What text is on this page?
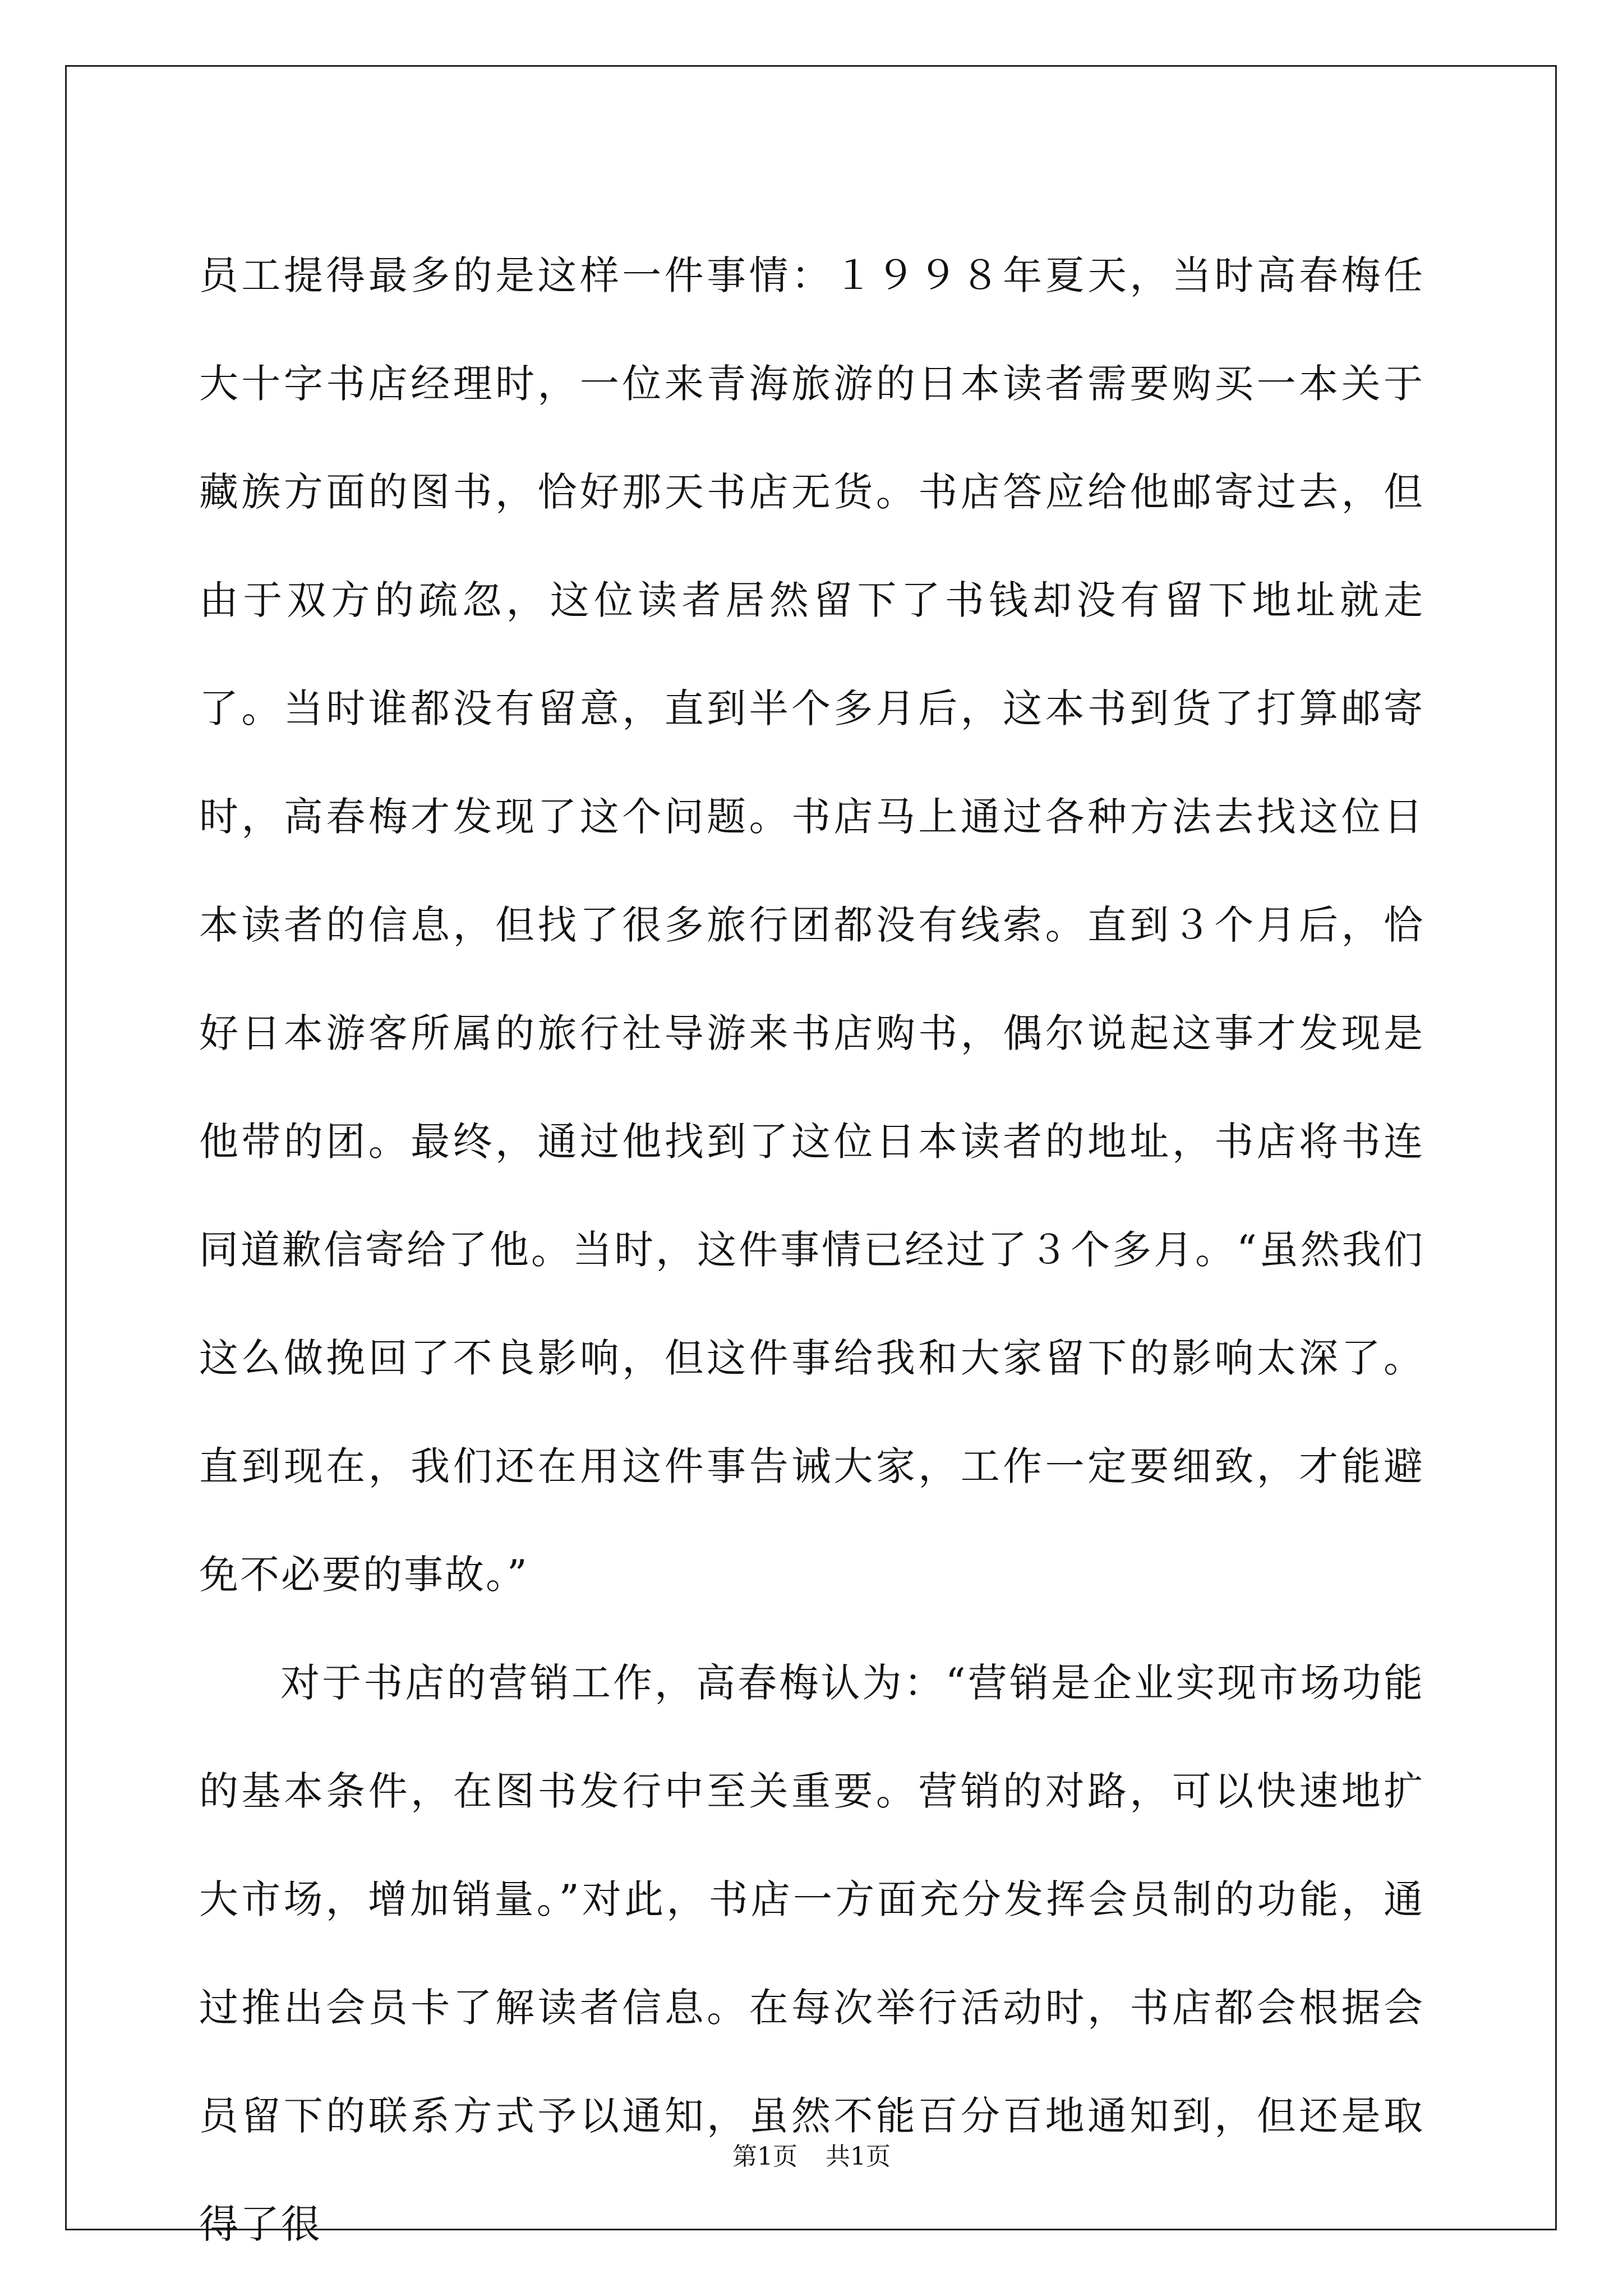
员工提得最多的是这样一件事情：１９９８年夏天，当时高春梅任大十字书店经理时，一位来青海旅游的日本读者需要购买一本关于藏族方面的图书，恰好那天书店无货。书店答应给他邮寄过去，但由于双方的疏忽，这位读者居然留下了书钱却没有留下地址就走了。当时谁都没有留意，直到半个多月后，这本书到货了打算邮寄时，高春梅才发现了这个问题。书店马上通过各种方法去找这位日本读者的信息，但找了很多旅行团都没有线索。直到３个月后，恰好日本游客所属的旅行社导游来书店购书，偶尔说起这事才发现是他带的团。最终，通过他找到了这位日本读者的地址，书店将书连同道歉信寄给了他。当时，这件事情已经过了３个多月。“虽然我们这么做挽回了不良影响，但这件事给我和大家留下的影响太深了。直到现在，我们还在用这件事告诫大家，工作一定要细致，才能避免不必要的事故。”

对于书店的营销工作，高春梅认为：“营销是企业实现市场功能的基本条件，在图书发行中至关重要。营销的对路，可以快速地扩大市场，增加销量。”对此，书店一方面充分发挥会员制的功能，通过推出会员卡了解读者信息。在每次举行活动时，书店都会根据会员留下的联系方式予以通知，虽然不能百分百地通知到，但还是取得了很

第1页 共1页
